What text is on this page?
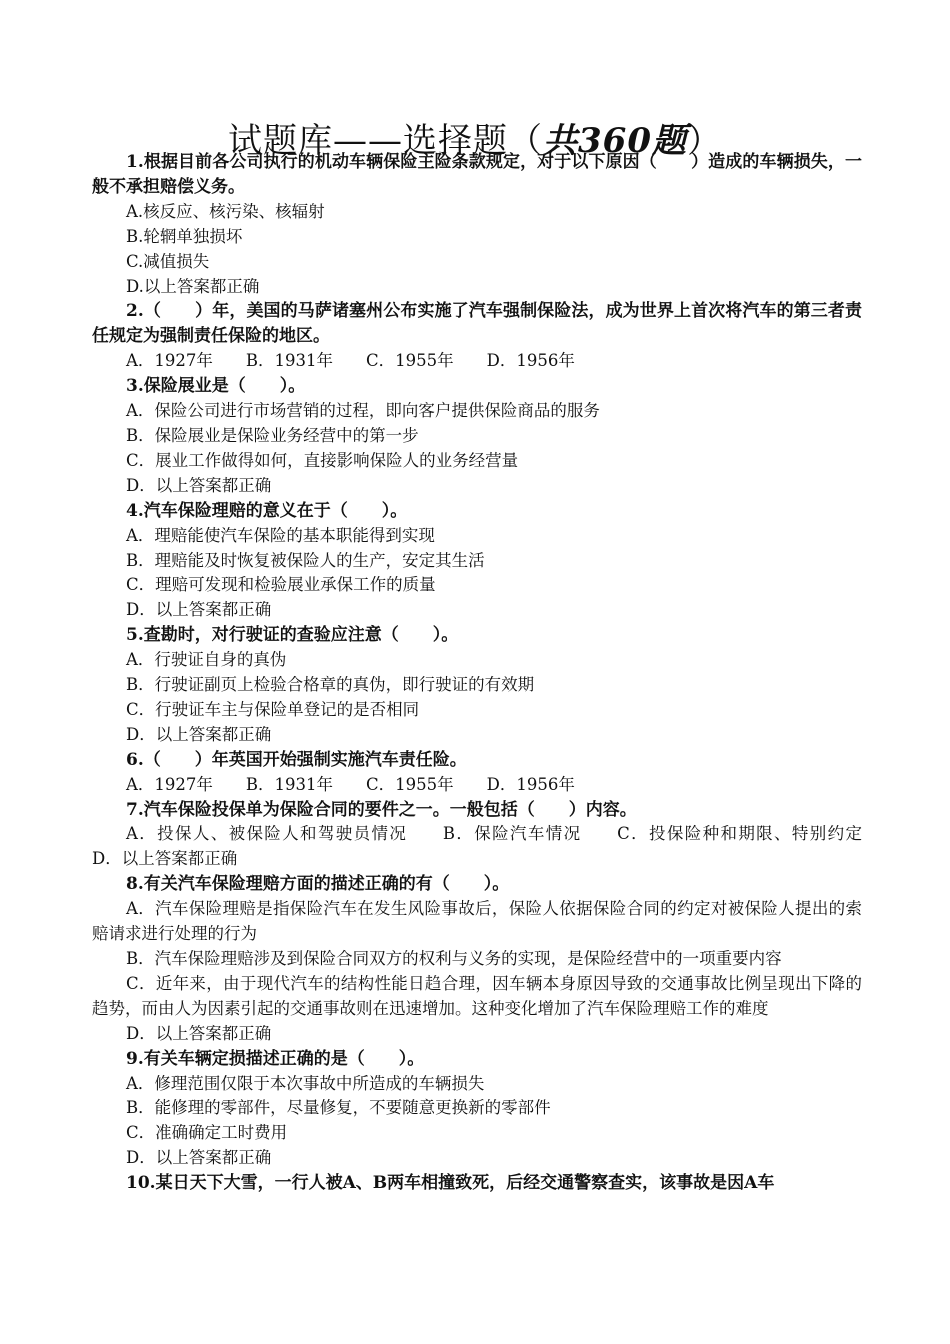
试题库——选择题（共360题）

1.根据目前各公司执行的机动车辆保险主险条款规定，对于以下原因（　　）造成的车辆损失，一般不承担赔偿义务。

A.核反应、核污染、核辐射

B.轮辋单独损坏

C.减值损失

D.以上答案都正确

2.（　　）年，美国的马萨诸塞州公布实施了汽车强制保险法，成为世界上首次将汽车的第三者责任规定为强制责任保险的地区。

A．1927年　　B．1931年　　C．1955年　　D．1956年

3.保险展业是（　　）。

A．保险公司进行市场营销的过程，即向客户提供保险商品的服务

B．保险展业是保险业务经营中的第一步

C．展业工作做得如何，直接影响保险人的业务经营量

D．以上答案都正确

4.汽车保险理赔的意义在于（　　）。

A．理赔能使汽车保险的基本职能得到实现

B．理赔能及时恢复被保险人的生产，安定其生活

C．理赔可发现和检验展业承保工作的质量

D．以上答案都正确

5.查勘时，对行驶证的查验应注意（　　）。

A．行驶证自身的真伪

B．行驶证副页上检验合格章的真伪，即行驶证的有效期

C．行驶证车主与保险单登记的是否相同

D．以上答案都正确

6.（　　）年英国开始强制实施汽车责任险。

A．1927年　　B．1931年　　C．1955年　　D．1956年

7.汽车保险投保单为保险合同的要件之一。一般包括（　　）内容。

A．投保人、被保险人和驾驶员情况　　B．保险汽车情况　　C．投保险种和期限、特别约定　　D．以上答案都正确

8.有关汽车保险理赔方面的描述正确的有（　　）。

A．汽车保险理赔是指保险汽车在发生风险事故后，保险人依据保险合同的约定对被保险人提出的索赔请求进行处理的行为

B．汽车保险理赔涉及到保险合同双方的权利与义务的实现，是保险经营中的一项重要内容

C．近年来，由于现代汽车的结构性能日趋合理，因车辆本身原因导致的交通事故比例呈现出下降的趋势，而由人为因素引起的交通事故则在迅速增加。这种变化增加了汽车保险理赔工作的难度

D．以上答案都正确

9.有关车辆定损描述正确的是（　　）。

A．修理范围仅限于本次事故中所造成的车辆损失

B．能修理的零部件，尽量修复，不要随意更换新的零部件

C．准确确定工时费用

D．以上答案都正确

10.某日天下大雪，一行人被A、B两车相撞致死，后经交通警察查实，该事故是因A车
